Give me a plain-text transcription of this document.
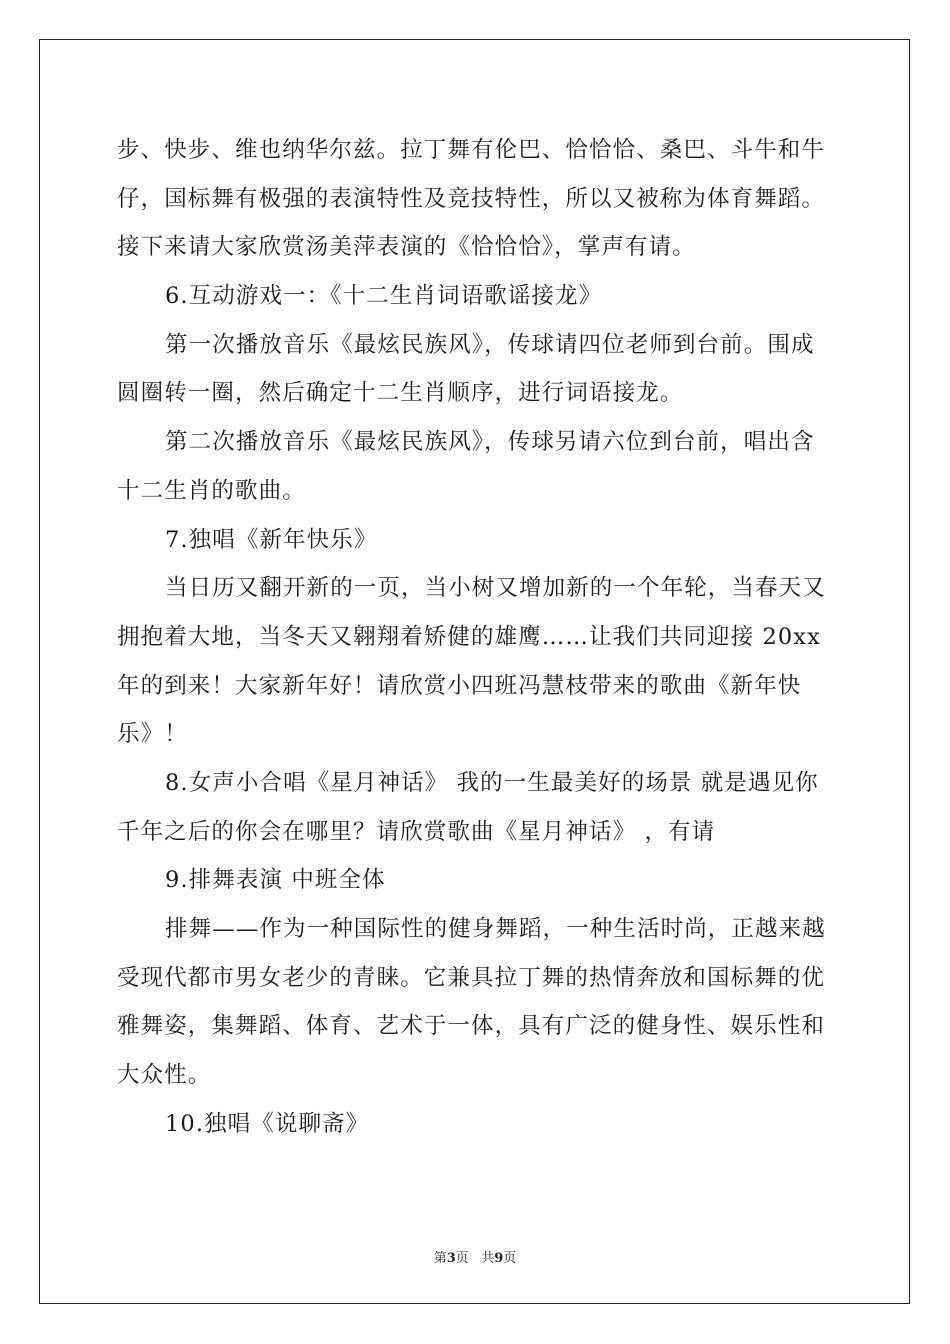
步、快步、维也纳华尔兹。拉丁舞有伦巴、恰恰恰、桑巴、斗牛和牛
仔，国标舞有极强的表演特性及竞技特性，所以又被称为体育舞蹈。
接下来请大家欣赏汤美萍表演的《恰恰恰》，掌声有请。
6.互动游戏一：《十二生肖词语歌谣接龙》
第一次播放音乐《最炫民族风》，传球请四位老师到台前。围成
圆圈转一圈，然后确定十二生肖顺序，进行词语接龙。
第二次播放音乐《最炫民族风》，传球另请六位到台前，唱出含
十二生肖的歌曲。
7.独唱《新年快乐》
当日历又翻开新的一页，当小树又增加新的一个年轮，当春天又
拥抱着大地，当冬天又翱翔着矫健的雄鹰……让我们共同迎接 20xx
年的到来！大家新年好！请欣赏小四班冯慧枝带来的歌曲《新年快
乐》！
8.女声小合唱《星月神话》 我的一生最美好的场景 就是遇见你
千年之后的你会在哪里？请欣赏歌曲《星月神话》 ，有请
9.排舞表演 中班全体
排舞——作为一种国际性的健身舞蹈，一种生活时尚，正越来越
受现代都市男女老少的青睐。它兼具拉丁舞的热情奔放和国标舞的优
雅舞姿，集舞蹈、体育、艺术于一体，具有广泛的健身性、娱乐性和
大众性。
10.独唱《说聊斋》
第3页 共9页
